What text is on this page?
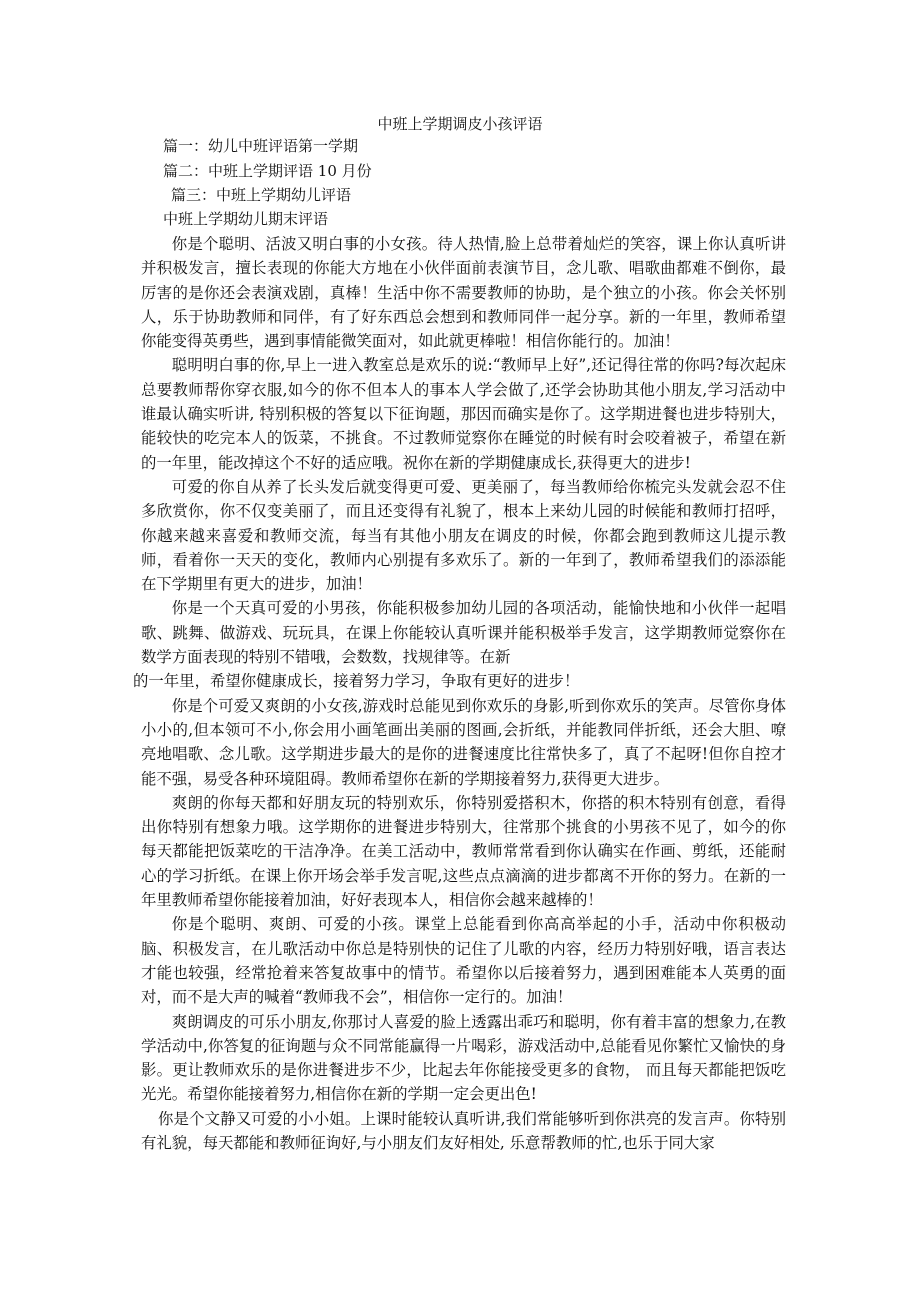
中班上学期调皮小孩评语
篇一：幼儿中班评语第一学期
篇二：中班上学期评语 10 月份
篇三：中班上学期幼儿评语
中班上学期幼儿期末评语

你是个聪明、活波又明白事的小女孩。待人热情,脸上总带着灿烂的笑容，课上你认真听讲并积极发言，擅长表现的你能大方地在小伙伴面前表演节目，念儿歌、唱歌曲都难不倒你，最厉害的是你还会表演戏剧，真棒！生活中你不需要教师的协助，是个独立的小孩。你会关怀别人，乐于协助教师和同伴，有了好东西总会想到和教师同伴一起分享。新的一年里，教师希望你能变得英勇些，遇到事情能微笑面对，如此就更棒啦！相信你能行的。加油！

聪明明白事的你,早上一进入教室总是欢乐的说:“教师早上好”,还记得往常的你吗?每次起床总要教师帮你穿衣服,如今的你不但本人的事本人学会做了,还学会协助其他小朋友,学习活动中谁最认确实听讲, 特别积极的答复以下征询题，那因而确实是你了。这学期进餐也进步特别大，能较快的吃完本人的饭菜，不挑食。不过教师觉察你在睡觉的时候有时会咬着被子，希望在新的一年里，能改掉这个不好的适应哦。祝你在新的学期健康成长,获得更大的进步!

可爱的你自从养了长头发后就变得更可爱、更美丽了，每当教师给你梳完头发就会忍不住多欣赏你，你不仅变美丽了，而且还变得有礼貌了，根本上来幼儿园的时候能和教师打招呼，你越来越来喜爱和教师交流，每当有其他小朋友在调皮的时候，你都会跑到教师这儿提示教师，看着你一天天的变化，教师内心别提有多欢乐了。新的一年到了，教师希望我们的添添能在下学期里有更大的进步，加油！

你是一个天真可爱的小男孩，你能积极参加幼儿园的各项活动，能愉快地和小伙伴一起唱歌、跳舞、做游戏、玩玩具，在课上你能较认真听课并能积极举手发言，这学期教师觉察你在数学方面表现的特别不错哦，会数数，找规律等。在新

的一年里，希望你健康成长，接着努力学习，争取有更好的进步！

你是个可爱又爽朗的小女孩,游戏时总能见到你欢乐的身影,听到你欢乐的笑声。尽管你身体小小的,但本领可不小,你会用小画笔画出美丽的图画,会折纸，并能教同伴折纸，还会大胆、嘹亮地唱歌、念儿歌。这学期进步最大的是你的进餐速度比往常快多了，真了不起呀!但你自控才能不强，易受各种环境阻碍。教师希望你在新的学期接着努力,获得更大进步。

爽朗的你每天都和好朋友玩的特别欢乐，你特别爱搭积木，你搭的积木特别有创意，看得出你特别有想象力哦。这学期你的进餐进步特别大，往常那个挑食的小男孩不见了，如今的你每天都能把饭菜吃的干洁净净。在美工活动中，教师常常看到你认确实在作画、剪纸，还能耐心的学习折纸。在课上你开场会举手发言呢,这些点点滴滴的进步都离不开你的努力。在新的一年里教师希望你能接着加油，好好表现本人，相信你会越来越棒的！

你是个聪明、爽朗、可爱的小孩。课堂上总能看到你高高举起的小手，活动中你积极动脑、积极发言，在儿歌活动中你总是特别快的记住了儿歌的内容，经历力特别好哦，语言表达才能也较强，经常抢着来答复故事中的情节。希望你以后接着努力，遇到困难能本人英勇的面对，而不是大声的喊着“教师我不会”，相信你一定行的。加油！

爽朗调皮的可乐小朋友,你那讨人喜爱的脸上透露出乖巧和聪明，你有着丰富的想象力,在教学活动中,你答复的征询题与众不同常能赢得一片喝彩，游戏活动中,总能看见你繁忙又愉快的身影。更让教师欢乐的是你进餐进步不少，比起去年你能接受更多的食物， 而且每天都能把饭吃光光。希望你能接着努力,相信你在新的学期一定会更出色!

你是个文静又可爱的小小姐。上课时能较认真听讲,我们常能够听到你洪亮的发言声。你特别有礼貌，每天都能和教师征询好,与小朋友们友好相处, 乐意帮教师的忙,也乐于同大家
